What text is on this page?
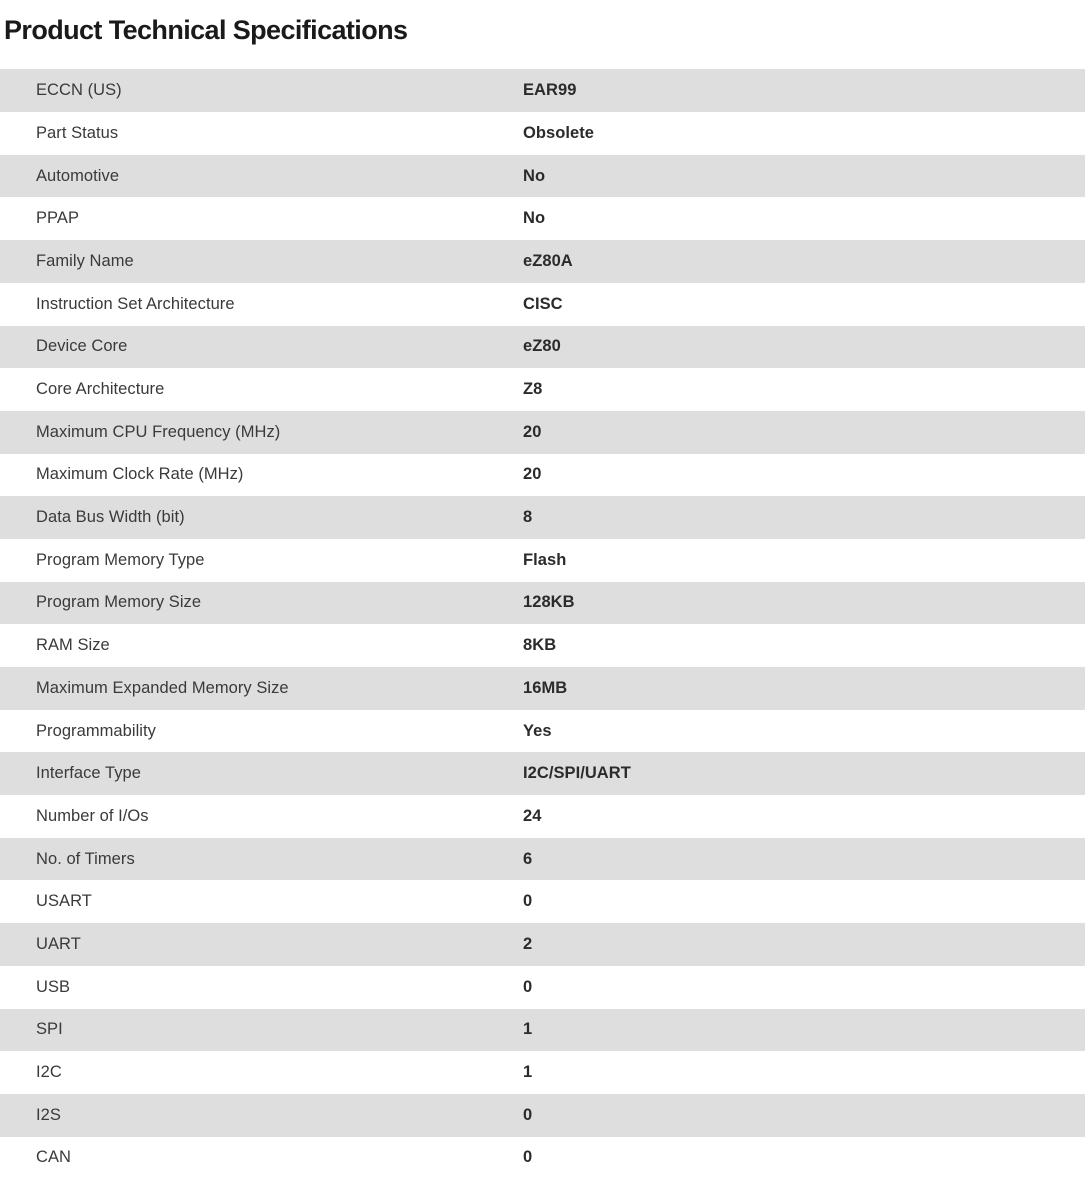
Product Technical Specifications
ECCN (US)	EAR99
Part Status	Obsolete
Automotive	No
PPAP	No
Family Name	eZ80A
Instruction Set Architecture	CISC
Device Core	eZ80
Core Architecture	Z8
Maximum CPU Frequency (MHz)	20
Maximum Clock Rate (MHz)	20
Data Bus Width (bit)	8
Program Memory Type	Flash
Program Memory Size	128KB
RAM Size	8KB
Maximum Expanded Memory Size	16MB
Programmability	Yes
Interface Type	I2C/SPI/UART
Number of I/Os	24
No. of Timers	6
USART	0
UART	2
USB	0
SPI	1
I2C	1
I2S	0
CAN	0
